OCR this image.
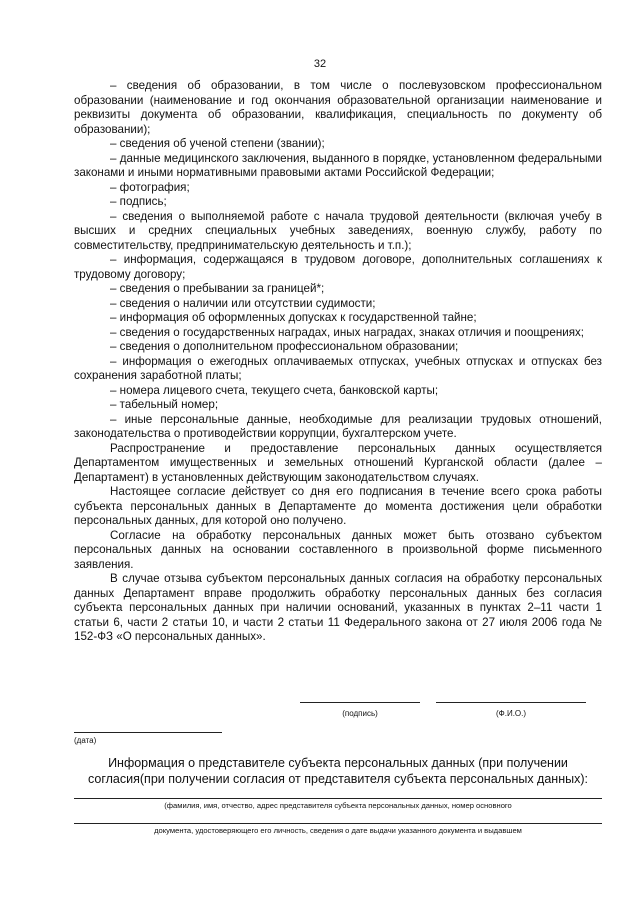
32

– сведения об образовании, в том числе о послевузовском профессиональном образовании (наименование и год окончания образовательной организации наименование и реквизиты документа об образовании, квалификация, специальность по документу об образовании);

– сведения об ученой степени (звании);

– данные медицинского заключения, выданного в порядке, установленном федеральными законами и иными нормативными правовыми актами Российской Федерации;

– фотография;

– подпись;

– сведения о выполняемой работе с начала трудовой деятельности (включая учебу в высших и средних специальных учебных заведениях, военную службу, работу по совместительству, предпринимательскую деятельность и т.п.);

– информация, содержащаяся в трудовом договоре, дополнительных соглашениях к трудовому договору;

– сведения о пребывании за границей*;

– сведения о наличии или отсутствии судимости;

– информация об оформленных допусках к государственной тайне;

– сведения о государственных наградах, иных наградах, знаках отличия и поощрениях;

– сведения о дополнительном профессиональном образовании;

– информация о ежегодных оплачиваемых отпусках, учебных отпусках и отпусках без сохранения заработной платы;

– номера лицевого счета, текущего счета, банковской карты;

– табельный номер;

– иные персональные данные, необходимые для реализации трудовых отношений, законодательства о противодействии коррупции, бухгалтерском учете.

Распространение и предоставление персональных данных осуществляется Департаментом имущественных и земельных отношений Курганской области (далее – Департамент) в установленных действующим законодательством случаях.

Настоящее согласие действует со дня его подписания в течение всего срока работы субъекта персональных данных в Департаменте до момента достижения цели обработки персональных данных, для которой оно получено.

Согласие на обработку персональных данных может быть отозвано субъектом персональных данных на основании составленного в произвольной форме письменного заявления.

В случае отзыва субъектом персональных данных согласия на обработку персональных данных Департамент вправе продолжить обработку персональных данных без согласия субъекта персональных данных при наличии оснований, указанных в пунктах 2–11 части 1 статьи 6, части 2 статьи 10, и части 2 статьи 11 Федерального закона от 27 июля 2006 года № 152-ФЗ «О персональных данных».

(подпись)	(Ф.И.О.)
(дата)
Информация о представителе субъекта персональных данных (при получении согласия(при получении согласия от представителя субъекта персональных данных):
(фамилия, имя, отчество, адрес представителя субъекта персональных данных, номер основного
документа, удостоверяющего его личность, сведения о дате выдачи указанного документа и выдавшем
